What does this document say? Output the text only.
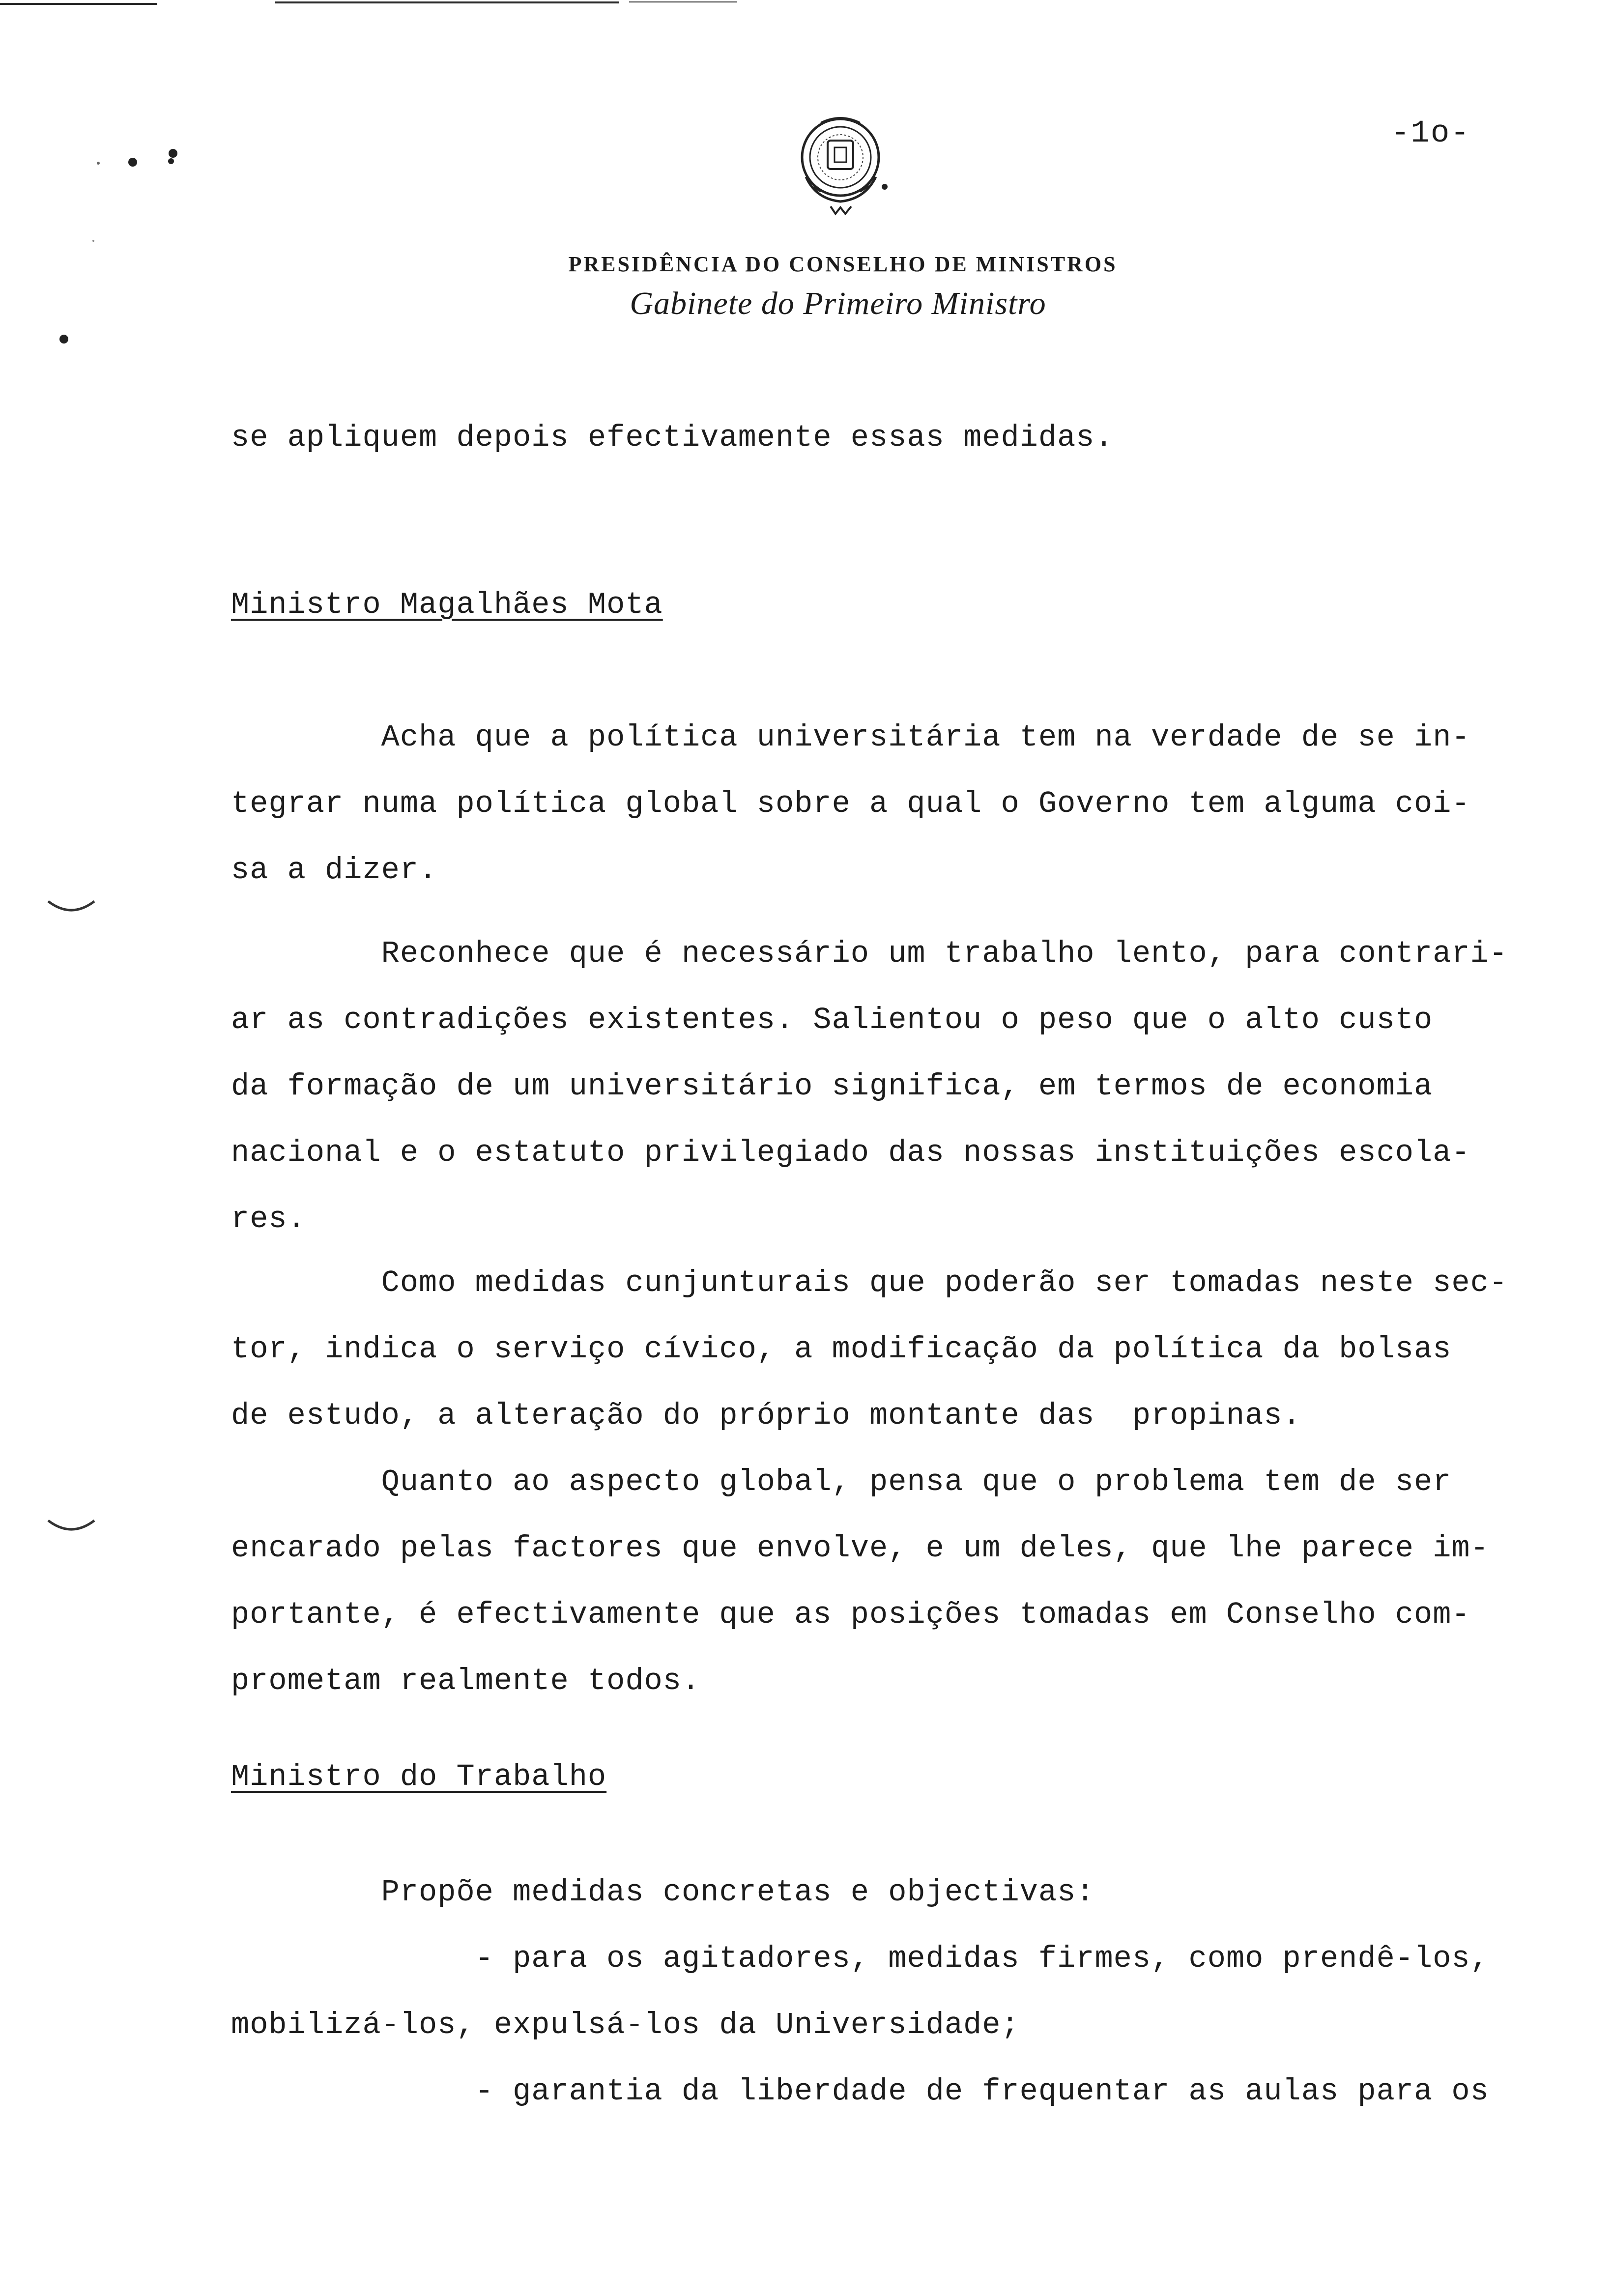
-1o-
PRESIDÊNCIA DO CONSELHO DE MINISTROS
Gabinete do Primeiro Ministro
se apliquem depois efectivamente essas medidas.
Ministro Magalhães Mota
Acha que a política universitária tem na verdade de se in-
tegrar numa política global sobre a qual o Governo tem alguma coi-
sa a dizer.
Reconhece que é necessário um trabalho lento, para contrari-
ar as contradições existentes. Salientou o peso que o alto custo
da formação de um universitário significa, em termos de economia
nacional e o estatuto privilegiado das nossas instituições escola-
res.
Como medidas cunjunturais que poderão ser tomadas neste sec-
tor, indica o serviço cívico, a modificação da política da bolsas
de estudo, a alteração do próprio montante das  propinas.
Quanto ao aspecto global, pensa que o problema tem de ser
encarado pelas factores que envolve, e um deles, que lhe parece im-
portante, é efectivamente que as posições tomadas em Conselho com-
prometam realmente todos.
Ministro do Trabalho
Propõe medidas concretas e objectivas:
- para os agitadores, medidas firmes, como prendê-los,
mobilizá-los, expulsá-los da Universidade;
- garantia da liberdade de frequentar as aulas para os
